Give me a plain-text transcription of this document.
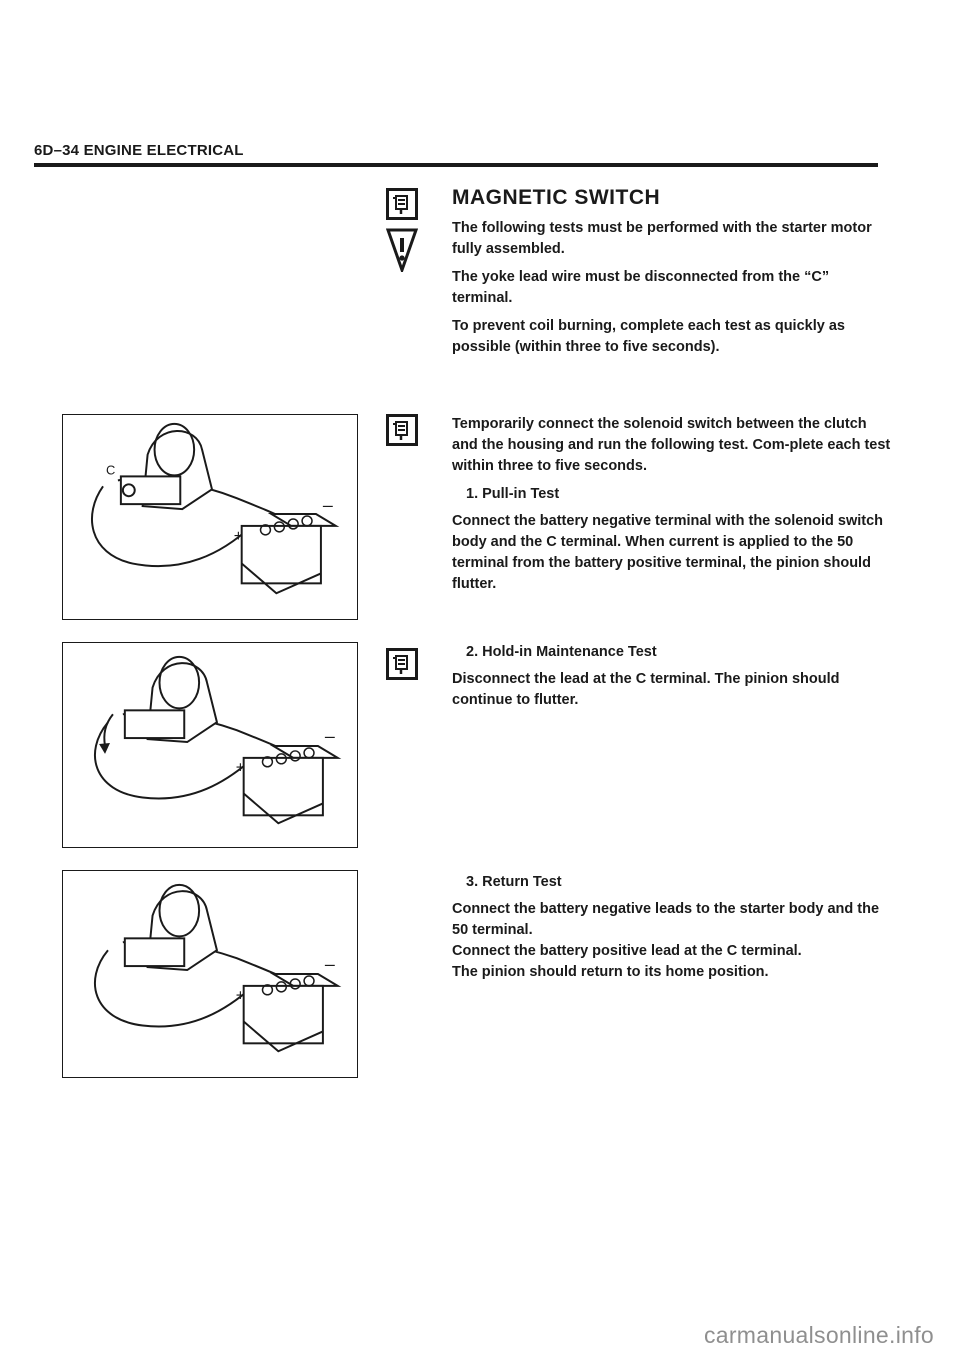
6D–34 ENGINE ELECTRICAL
MAGNETIC SWITCH

The following tests must be performed with the starter motor fully assembled.

The yoke lead wire must be disconnected from the “C” terminal.

To prevent coil burning, complete each test as quickly as possible (within three to five seconds).

Temporarily connect the solenoid switch between the clutch and the housing and run the following test. Com-plete each test within three to five seconds.

1. Pull-in Test

Connect the battery negative terminal with the solenoid switch body and the C terminal. When current is applied to the 50 terminal from the battery positive terminal, the pinion should flutter.

2. Hold-in Maintenance Test

Disconnect the lead at the C terminal. The pinion should continue to flutter.

3. Return Test

Connect the battery negative leads to the starter body and the 50 terminal.

Connect the battery positive lead at the C terminal.

The pinion should return to its home position.

C
–
+
–
+
–
+
carmanualsonline.info
